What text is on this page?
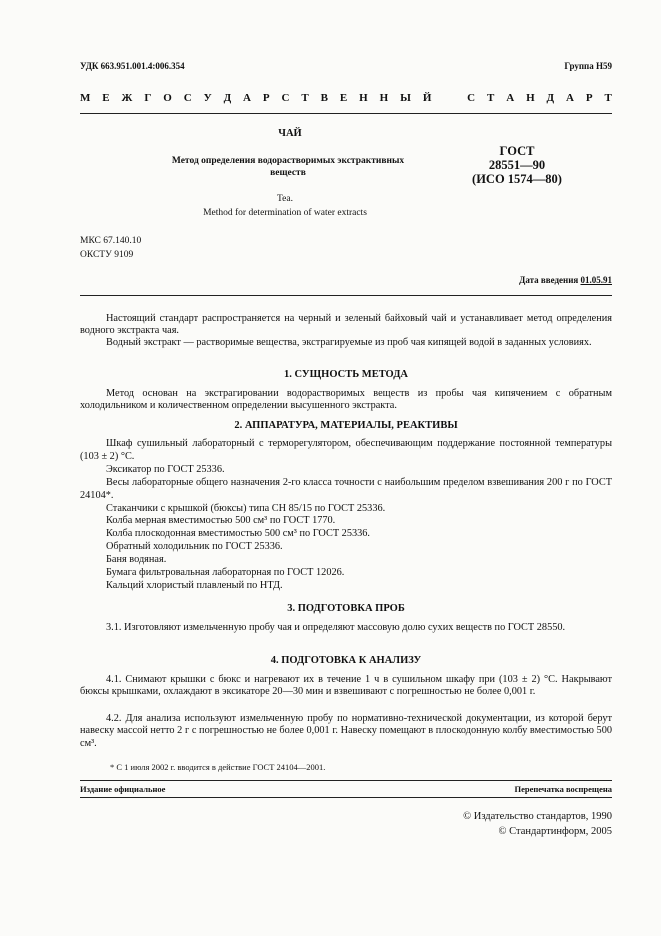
УДК 663.951.001.4:006.354	Группа Н59
М Е Ж Г О С У Д А Р С Т В Е Н Н Ы Й	С Т А Н Д А Р Т
ЧАЙ
Метод определения водорастворимых экстрактивных веществ
Tea.
Method for determination of water extracts
ГОСТ
28551—90
(ИСО 1574—80)
МКС 67.140.10
ОКСТУ 9109
Дата введения 01.05.91
Настоящий стандарт распространяется на черный и зеленый байховый чай и устанавливает метод определения водного экстракта чая.
Водный экстракт — растворимые вещества, экстрагируемые из проб чая кипящей водой в заданных условиях.
1. СУЩНОСТЬ МЕТОДА
Метод основан на экстрагировании водорастворимых веществ из пробы чая кипячением с обратным холодильником и количественном определении высушенного экстракта.
2. АППАРАТУРА, МАТЕРИАЛЫ, РЕАКТИВЫ
Шкаф сушильный лабораторный с терморегулятором, обеспечивающим поддержание постоянной температуры (103 ± 2) °С.
Эксикатор по ГОСТ 25336.
Весы лабораторные общего назначения 2-го класса точности с наибольшим пределом взвешивания 200 г по ГОСТ 24104*.
Стаканчики с крышкой (бюксы) типа СН 85/15 по ГОСТ 25336.
Колба мерная вместимостью 500 см³ по ГОСТ 1770.
Колба плоскодонная вместимостью 500 см³ по ГОСТ 25336.
Обратный холодильник по ГОСТ 25336.
Баня водяная.
Бумага фильтровальная лабораторная по ГОСТ 12026.
Кальций хлористый плавленый по НТД.
3. ПОДГОТОВКА ПРОБ
3.1. Изготовляют измельченную пробу чая и определяют массовую долю сухих веществ по ГОСТ 28550.
4. ПОДГОТОВКА К АНАЛИЗУ
4.1. Снимают крышки с бюкс и нагревают их в течение 1 ч в сушильном шкафу при (103 ± 2) °С. Накрывают бюксы крышками, охлаждают в эксикаторе 20—30 мин и взвешивают с погрешностью не более 0,001 г.
4.2. Для анализа используют измельченную пробу по нормативно-технической документации, из которой берут навеску массой нетто 2 г с погрешностью не более 0,001 г. Навеску помещают в плоскодонную колбу вместимостью 500 см³.
* С 1 июля 2002 г. вводится в действие ГОСТ 24104—2001.
Издание официальное	Перепечатка воспрещена
© Издательство стандартов, 1990
© Стандартинформ, 2005
